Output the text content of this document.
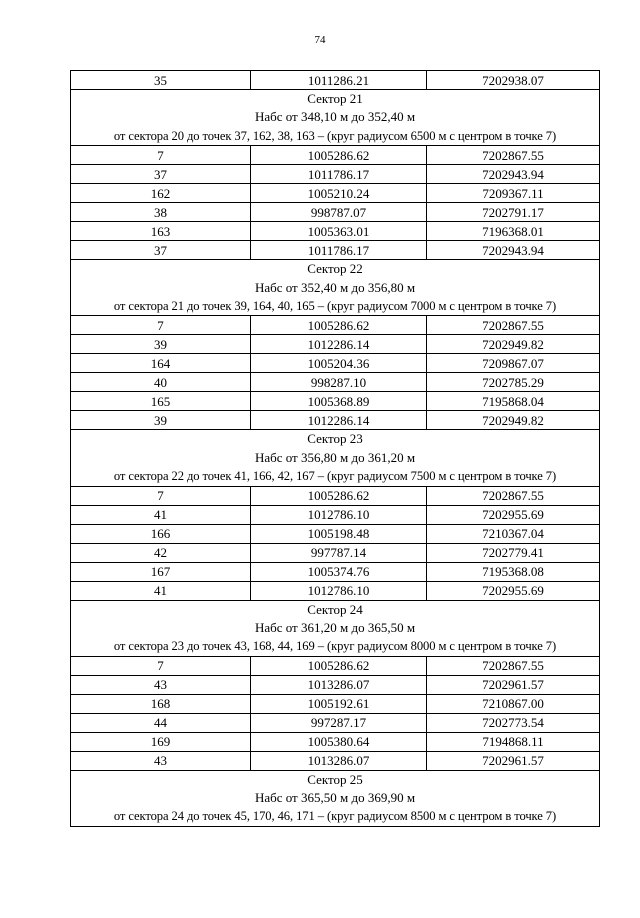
74
35	1011286.21	7202938.07

Сектор 21
Набс от 348,10 м до 352,40 м
от сектора 20 до точек 37, 162, 38, 163 – (круг радиусом 6500 м с центром в точке 7)		

7	1005286.62	7202867.55
37	1011786.17	7202943.94
162	1005210.24	7209367.11
38	998787.07	7202791.17
163	1005363.01	7196368.01
37	1011786.17	7202943.94

Сектор 22
Набс от 352,40 м до 356,80 м
от сектора 21 до точек 39, 164, 40, 165 – (круг радиусом 7000 м с центром в точке 7)		

7	1005286.62	7202867.55
39	1012286.14	7202949.82
164	1005204.36	7209867.07
40	998287.10	7202785.29
165	1005368.89	7195868.04
39	1012286.14	7202949.82

Сектор 23
Набс от 356,80 м до 361,20 м
от сектора 22 до точек 41, 166, 42, 167 – (круг радиусом 7500 м с центром в точке 7)		

7	1005286.62	7202867.55
41	1012786.10	7202955.69
166	1005198.48	7210367.04
42	997787.14	7202779.41
167	1005374.76	7195368.08
41	1012786.10	7202955.69

Сектор 24
Набс от 361,20 м до 365,50 м
от сектора 23 до точек 43, 168, 44, 169 – (круг радиусом 8000 м с центром в точке 7)		

7	1005286.62	7202867.55
43	1013286.07	7202961.57
168	1005192.61	7210867.00
44	997287.17	7202773.54
169	1005380.64	7194868.11
43	1013286.07	7202961.57

Сектор 25
Набс от 365,50 м до 369,90 м
от сектора 24 до точек 45, 170, 46, 171 – (круг радиусом 8500 м с центром в точке 7)		
